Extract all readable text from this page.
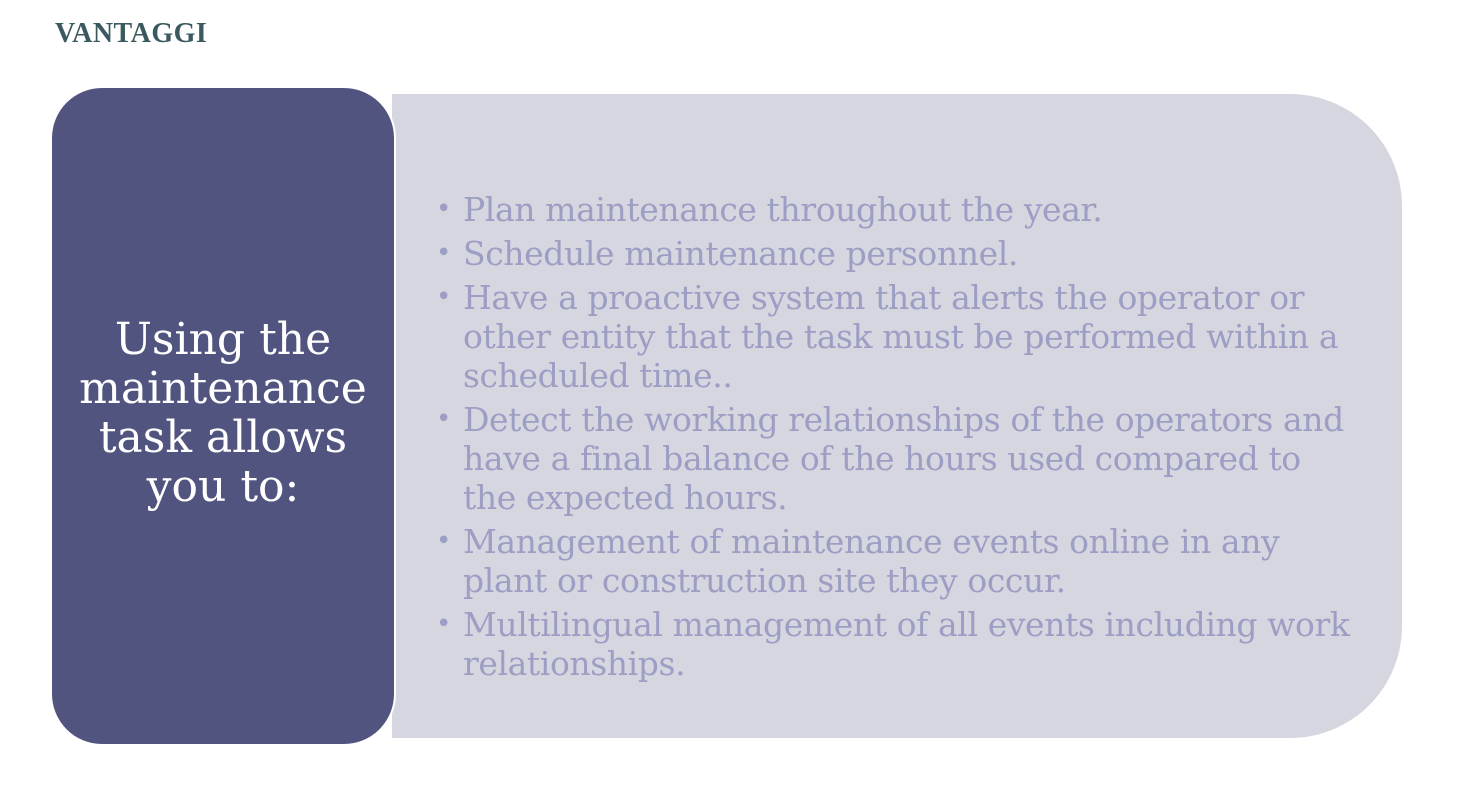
VANTAGGI
Using the maintenance task allows you to:
• Plan maintenance throughout the year.
• Schedule maintenance personnel.
• Have a proactive system that alerts the operator or other entity that the task must be performed within a scheduled time..
• Detect the working relationships of the operators and have a final balance of the hours used compared to the expected hours.
• Management of maintenance events online in any plant or construction site they occur.
• Multilingual management of all events including work relationships.
